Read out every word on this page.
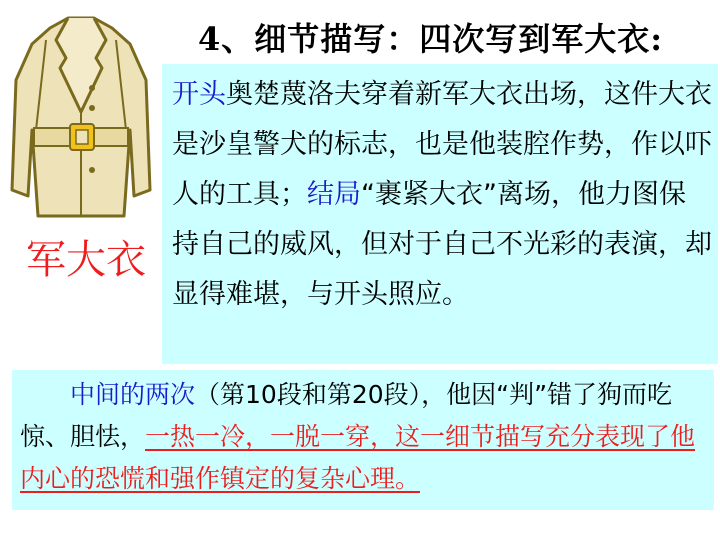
4、细节描写：四次写到军大衣:
军大衣
开头奥楚蔑洛夫穿着新军大衣出场，这件大衣是沙皇警犬的标志，也是他装腔作势，作以吓人的工具；结局“裹紧大衣”离场，他力图保持自己的威风，但对于自己不光彩的表演，却显得难堪，与开头照应。
中间的两次（第10段和第20段），他因“判”错了狗而吃惊、胆怯，一热一冷，一脱一穿，这一细节描写充分表现了他内心的恐慌和强作镇定的复杂心理。
